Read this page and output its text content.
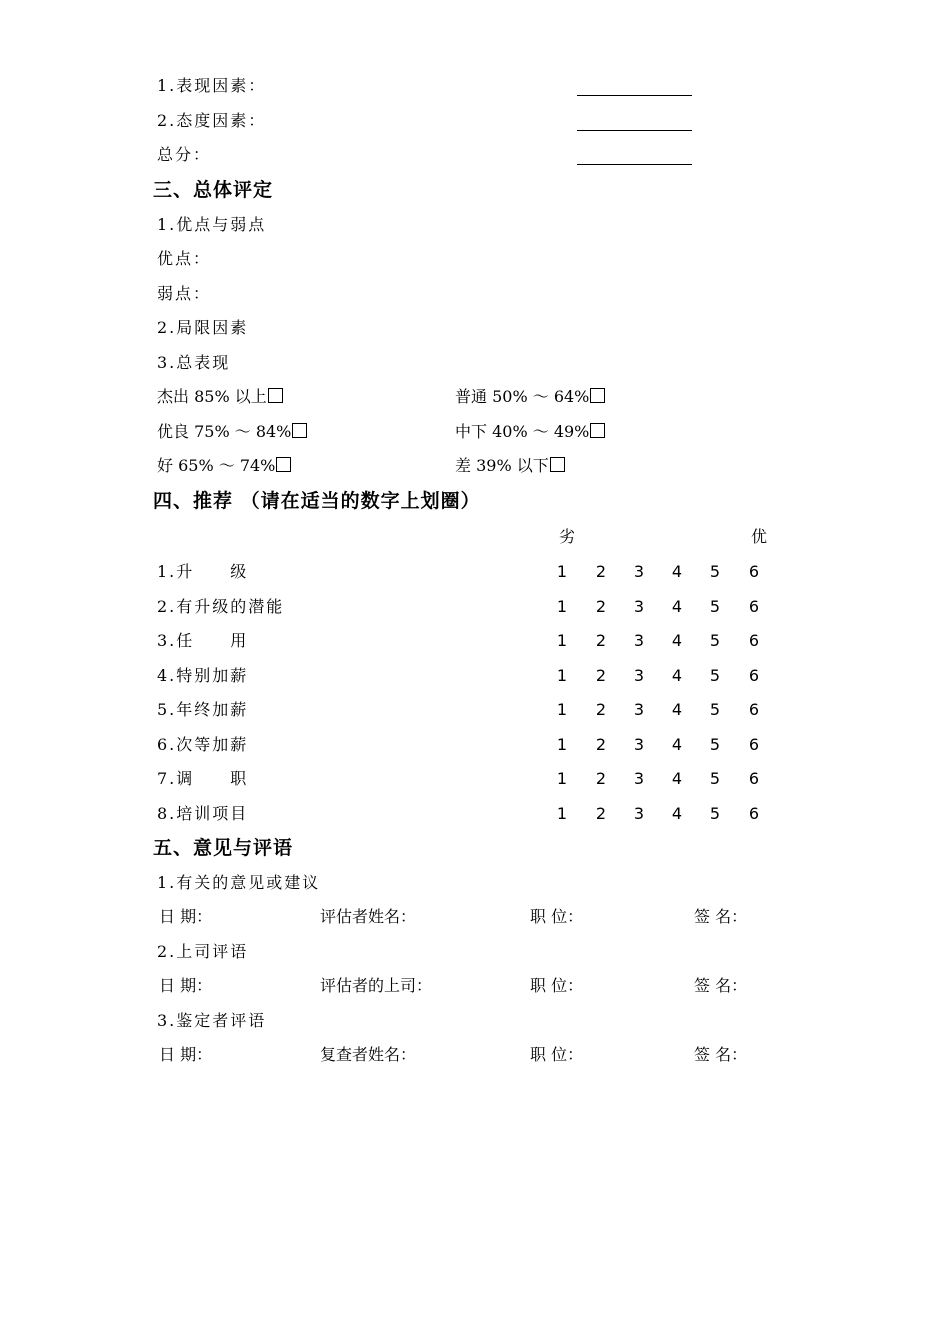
1.表现因素：
2.态度因素：
总分：
三、总体评定
1.优点与弱点
优点：
弱点：
2.局限因素
3.总表现
杰出 85% 以上	普通 50% ～ 64%
优良 75% ～ 84%	中下 40% ～ 49%
好 65% ～ 74%	差 39% 以下
四、推荐 （请在适当的数字上划圈）
劣	优
1.升　　级	1	2	3	4	5	6
2.有升级的潜能	1	2	3	4	5	6
3.任　　用	1	2	3	4	5	6
4.特别加薪	1	2	3	4	5	6
5.年终加薪	1	2	3	4	5	6
6.次等加薪	1	2	3	4	5	6
7.调　　职	1	2	3	4	5	6
8.培训项目	1	2	3	4	5	6
五、意见与评语
1.有关的意见或建议
日 期：	评估者姓名：	职 位：	签 名：
2.上司评语
日 期：	评估者的上司：	职 位：	签 名：
3.鉴定者评语
日 期：	复查者姓名：	职 位：	签 名：
